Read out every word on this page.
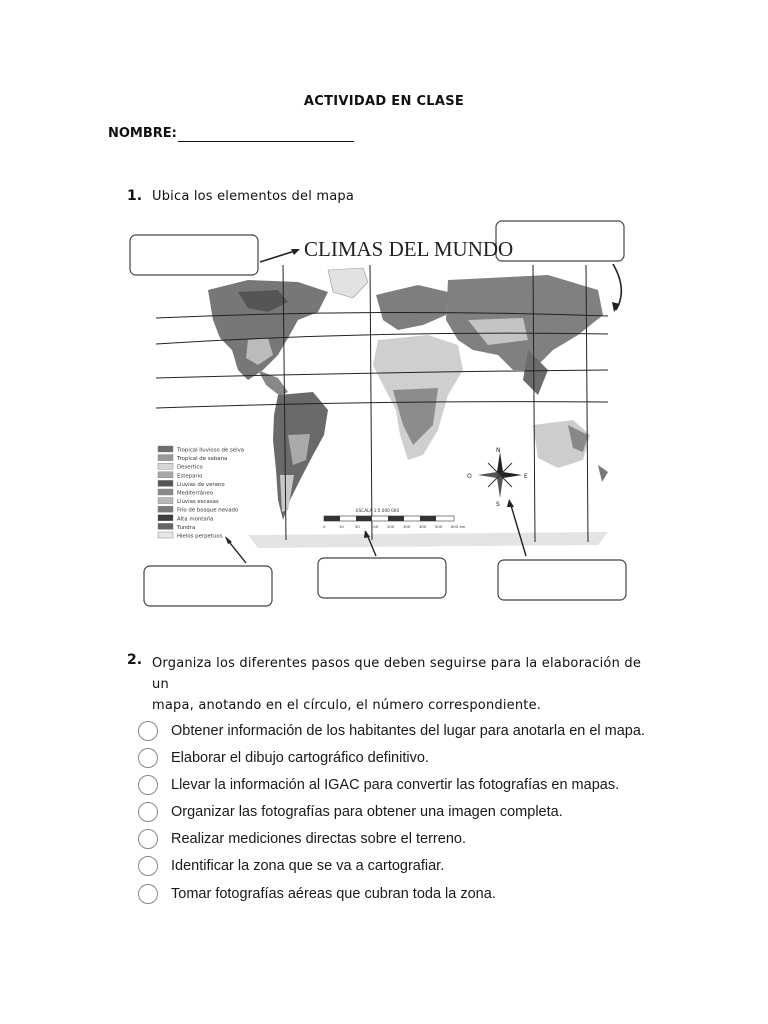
ACTIVIDAD EN CLASE
NOMBRE:
1. Ubica los elementos del mapa
CLIMAS DEL MUNDO
Tropical lluvioso de selva
Tropical de sabana
Desertico
Estepario
Lluvias de verano
Mediterráneo
Lluvias escasas
Frío de bosque nevado
Alta montaña
Tundra
Hielos perpetuos
ESCALA 1:5 000 000
0	10	50	100 200 300 400 500 600 km
N
S
E
O
2. Organiza los diferentes pasos que deben seguirse para la elaboración de un
mapa, anotando en el círculo, el número correspondiente.
Obtener información de los habitantes del lugar para anotarla en el mapa.
Elaborar el dibujo cartográfico definitivo.
Llevar la información al IGAC para convertir las fotografías en mapas.
Organizar las fotografías para obtener una imagen completa.
Realizar mediciones directas sobre el terreno.
Identificar la zona que se va a cartografiar.
Tomar fotografías aéreas que cubran toda la zona.
